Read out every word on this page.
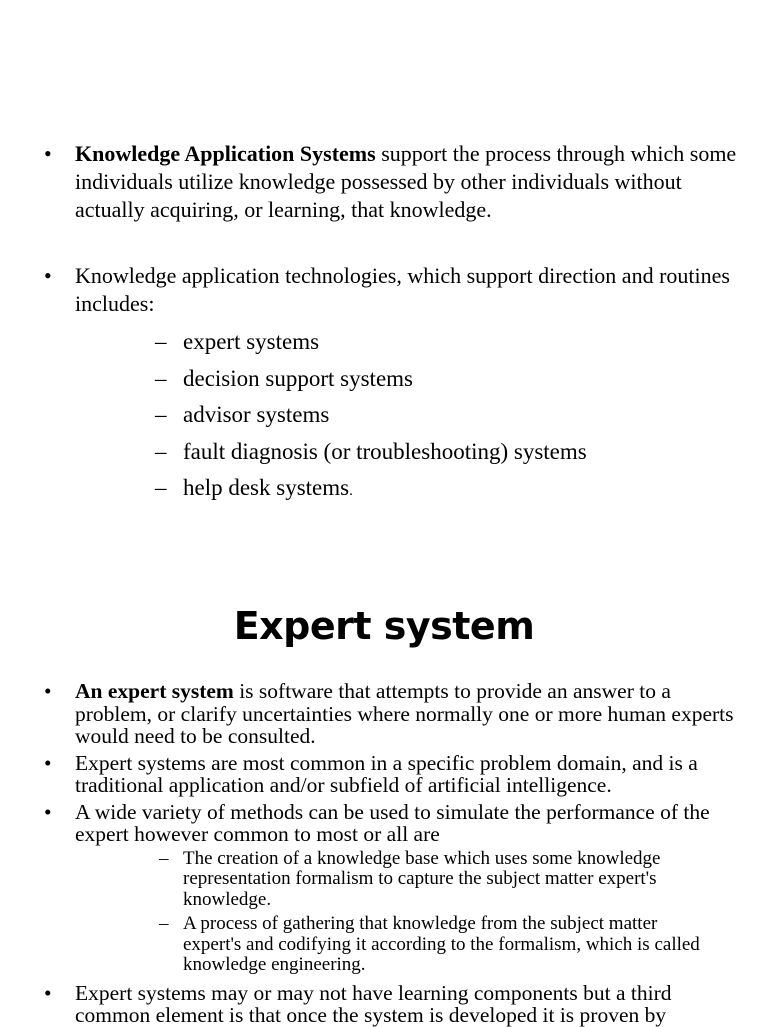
• Knowledge Application Systems support the process through which some individuals utilize knowledge possessed by other individuals without actually acquiring, or learning, that knowledge.
• Knowledge application technologies, which support direction and routines includes:
– expert systems
– decision support systems
– advisor systems
– fault diagnosis (or troubleshooting) systems
– help desk systems.
Expert system
• An expert system is software that attempts to provide an answer to a problem, or clarify uncertainties where normally one or more human experts would need to be consulted.
• Expert systems are most common in a specific problem domain, and is a traditional application and/or subfield of artificial intelligence.
• A wide variety of methods can be used to simulate the performance of the expert however common to most or all are
– The creation of a knowledge base which uses some knowledge representation formalism to capture the subject matter expert's knowledge.
– A process of gathering that knowledge from the subject matter expert's and codifying it according to the formalism, which is called knowledge engineering.
• Expert systems may or may not have learning components but a third common element is that once the system is developed it is proven by
